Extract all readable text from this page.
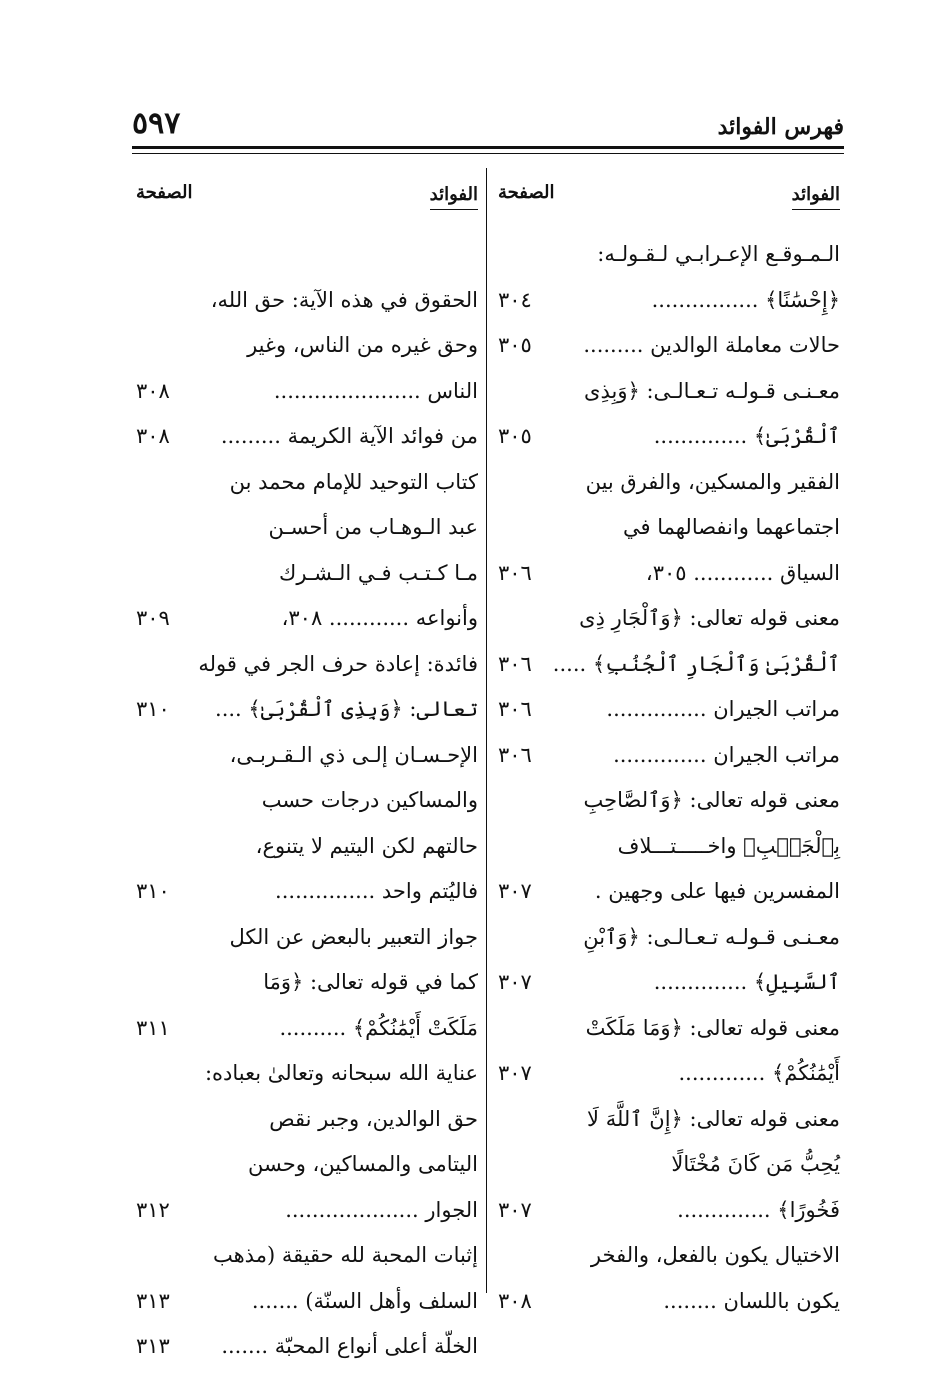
فهرس الفوائد
٥٩٧
الفوائد
الصفحة
الـمـوقـع الإعـرابـي لـقـولـه:
﴿إِحْسَٰنًا﴾ ................
٣٠٤
حالات معاملة الوالدين .........
٣٠٥
معـنـى قـولـه تـعـالـى: ﴿وَبِذِى
ٱلْقُرْبَىٰ﴾ ..............
٣٠٥
الفقير والمسكين، والفرق بين
اجتماعهما وانفصالهما في
السياق ............ ٣٠٥،
٣٠٦
معنى قوله تعالى: ﴿وَٱلْجَارِ ذِى
ٱلْقُرْبَىٰ وَٱلْجَارِ ٱلْجُنُبِ﴾ .....
٣٠٦
مراتب الجيران ...............
٣٠٦
مراتب الجيران ..............
٣٠٦
معنى قوله تعالى: ﴿وَٱلصَّاحِبِ
بِٱلْجَنۢبِ﴾ واخـــــتـــلاف
المفسرين فيها على وجهين .
٣٠٧
معـنـى قـولـه تـعـالـى: ﴿وَٱبْنِ
ٱلسَّبِيلِ﴾ ..............
٣٠٧
معنى قوله تعالى: ﴿وَمَا مَلَكَتْ
أَيْمَٰنُكُمْ﴾ .............
٣٠٧
معنى قوله تعالى: ﴿إِنَّ ٱللَّهَ لَا
يُحِبُّ مَن كَانَ مُخْتَالًا
فَخُورًا﴾ ..............
٣٠٧
الاختيال يكون بالفعل، والفخر
يكون باللسان ........
٣٠٨
الفوائد
الصفحة
الحقوق في هذه الآية: حق الله،
وحق غيره من الناس، وغير
الناس ......................
٣٠٨
من فوائد الآية الكريمة .........
٣٠٨
كتاب التوحيد للإمام محمد بن
عبد الـوهـاب من أحسـن
مـا كـتـب فـي الـشـرك
وأنواعه ............ ٣٠٨،
٣٠٩
فائدة: إعادة حرف الجر في قوله
تعالى: ﴿وَبِذِى ٱلْقُرْبَىٰ﴾ ....
٣١٠
الإحـسـان إلـى ذي الـقـربـى،
والمساكين درجات حسب
حالتهم لكن اليتيم لا يتنوع،
فاليُتم واحد ...............
٣١٠
جواز التعبير بالبعض عن الكل
كما في قوله تعالى: ﴿وَمَا
مَلَكَتْ أَيْمَٰنُكُمْ﴾ ..........
٣١١
عناية الله سبحانه وتعالىٰ بعباده:
حق الوالدين، وجبر نقص
اليتامى والمساكين، وحسن
الجوار ....................
٣١٢
إثبات المحبة لله حقيقة (مذهب
السلف وأهل السنّة) .......
٣١٣
الخلّة أعلى أنواع المحبّة .......
٣١٣
